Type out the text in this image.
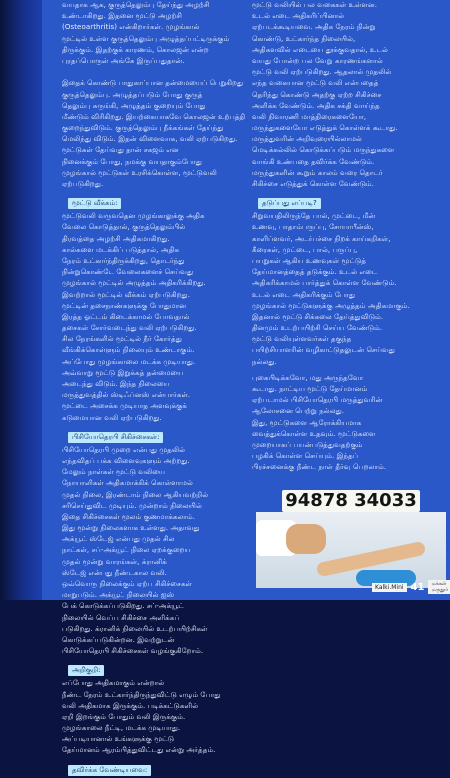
வயதாக ஆக, குருத்தெலும்பு தேய்ந்து அழற்சி
உண்டாகிறது. இதனை மூட்டு அழற்சி
(Osteoarthritis) என்கிறார்கள். முழங்கால்
மூட்டில் உள்ள குருத்தெலும்பு அழுத்தப்பட்டிருக்கும்
திருக்கும். இதற்குக் காரணம், கொலஜன் என்ற
புரதப்பொருள் அங்கே இருப்பதுதான்.
இதைக் கொண்டு பாதுகாப்பான தன்மையைப் பெறுகிறது
குருத்தெலும்பு. அழுத்தப்படும் போது குருத்
தெலும்பு சுருங்கி, அழுத்தம் குறையும் போது
மீண்டும் விரிகிறது. இயற்கையாகவே கொலஜன் உற்பத்தி
குறைந்துவிடும். குருத்தெலும்பு நீக்கங்கள் தேய்ந்து
மெலிந்து விடும். இதன் விளைவாக, வலி ஏற்படுகிறது.
மூட்டுகள் தேய்வது தான் சகஜம் என
நினைக்கும் போது, நமக்கு வயதாகும்போது
முழங்கால் மூட்டுகள் உரசிக்கொள்ள, மூட்டுவலி
ஏற்படுகிறது.
மூட்டு வீக்கம்:
மூட்டுவலி வருவதென முழங்காலுக்கு அதிக
வேலை கொடுத்தால், குருத்தெலும்பில்
திரவத்தை அழற்சி அதிகமாகிறது.
கால்களை மடக்கிப் படுத்தால், அதிக
நேரம் உட்கார்ந்திருக்கிறது, தொடர்ந்து
நின்றுகொண்டே வேலைகளைச் செய்வது
முழங்கால் மூட்டில் அழுத்தம் அதிகரிக்கிறது.
இவற்றால் மூட்டில் வீக்கம் ஏற்படுகிறது.
மூட்டின் தசைநாண்களுக்கு போதுமான
இரத்த ஓட்டம் கிடைக்காமல் போவதால்
தசைகள் சோர்வடைந்து வலி ஏற்படுகிறது.
சில நேரங்களில் மூட்டில் நீர் கோர்த்து
வீங்கிக்கொள்ளும் நிலையும் உண்டாகும்.
அப்போது முழங்காலை மடக்க முடியாது.
அவ்வாறு மூட்டு இறுக்கத் தன்மையை
அடைந்து விடும். இந்த நிலையை
மருத்துவத்தில் ஸ்டிஃப்னஸ் என்பார்கள்.
மூட்டை அசைக்க முடியாத அளவுக்குக்
கடுமையான வலி ஏற்படுகிறது.
பிசியோதெரபி சிகிச்சைகள்:
பிசியோதெரபி முறை என்பது முதலில்
எந்தவிதப் பக்க விளைவுகளும் அற்றது.
மேலும் நாள்கள் மூட்டு வலியை
நோயாளிகள் அதிகமாக்கிக் கொள்ளாமல்
முதல் நிலை, இரண்டாம் நிலை ஆகியவற்றில்
சரிசெய்துவிட முடியும். முன்றாம் நிலையில்
இதை சிகிச்சைகள் மூலம் குணமாக்கலாம்.
இது மூன்று நிலைகளாக உள்ளது. அதாவது
அக்யூட் ஸ்டேஜ் என்பது முதல் சில
நாட்கள், சப்-அக்யூட் நிலை ஏறக்குறைய
முதல் மூன்று வாரங்கள், க்ரானிக்
ஸ்டேஜ் என்பது நீண்டகால வலி.
ஒவ்வொரு நிலைக்கும் ஏற்ப சிகிச்சைகள்
மாறுபடும். அக்யூட் நிலையில் ஐஸ்
பேக் கொடுக்கப்படுகிறது. சப்-அக்யூட்
நிலையில் வெப்ப சிகிச்சை அளிக்கப்
படுகிறது. க்ரானிக் நிலையில் உடற்பயிற்சிகள்
கொடுக்கப்படுகின்றன. இவற்றுடன்
பிசியோதெரபி சிகிச்சைகள் வழங்குகிறோம்.
அறிகுறி:
எப்போது அதிகமாகும் என்றால்
நீண்ட நேரம் உட்கார்ந்திருந்துவிட்டு எழும் போது
வலி அதிகமாக இருக்கும். படிக்கட்டுகளில்
ஏறி இறங்கும் போதும் வலி இருக்கும்.
முழங்காலை நீட்டி, மடக்க முடியாது.
அப்படியானால் உங்களுக்கு மூட்டு
தேய்மானம் ஆரம்பித்துவிட்டது என்று அர்த்தம்.
தவிர்க்க வேண்டியவை:
மூட்டு வலியில் பல வகைகள் உள்ளன.
உடல் எடை அதிகரிப்பினால்
ஏற்படக்கூடியவை. அதிக நேரம் நின்று
கொண்டு, உட்கார்ந்த நிலையில்,
அதிகளவில் எடையை தூக்குவதால், உடல்
வயது போன்ற பல வேறு காரணங்களால்
மூட்டு வலி ஏற்படுகிறது. ஆதலால் முதலில்
எந்த வகையான மூட்டு வலி என்பதைத்
தெரிந்து கொண்டு அதற்கு ஏற்ற சிகிச்சை
அளிக்க வேண்டும். அதிக சக்தி வாய்ந்த
வலி நிவாரணி மாத்திரைகளையோ,
மருந்துகளையோ எடுத்துக் கொள்ளக் கூடாது.
மருத்துவரின் அறிவுரையில்லாமல்
மெடிக்கல்லில் கொடுக்கப்படும் மருந்துகளை
வாங்கி உண்பதை தவிர்க்க வேண்டும்.
மருந்துகளின் கூறும் காலம் வரை தொடர்
சிகிச்சை எடுத்துக் கொள்ள வேண்டும்.
தடுப்பது எப்படி?
சிறுவயதிலிருந்தே பால், முட்டை, மீன்
உணவு, பாதாம்பருப்பு, சோயாபீன்ஸ்,
காளிப்ளவர், அடர்பச்சை நிறக் காய்கறிகள்,
கீரைகள், முட்டை, பால், பருப்பு,
பயறுகள் ஆகிய உணவுகள் மூட்டுத்
தேய்மானத்தைத் தடுக்கும். உடல் எடை
அதிகரிக்காமல் பார்த்துக் கொள்ள வேண்டும்.
உடல் எடை அதிகரிக்கும் போது
முழங்கால் மூட்டுகளுக்கு அழுத்தம் அதிகமாகும்.
இதனால் மூட்டு சிக்கலை தேய்த்துவிடும்.
தினமும் உடற்பயிற்சி செய்ய வேண்டும்.
மூட்டு வலியுள்ளவர்கள் தகுந்த
பயிற்சியாளரின் வழிகாட்டுதலுடன் செய்வது
நல்லது.
புகைபிடிக்கவோ, மது அருந்தவோ
கூடாது. நாட்டிய மூட்டு தேய்மானம்
ஏற்படாமல் பிசியோதெரபி மருத்துவரின்
ஆலோசனை பெற்று நல்லது.
இது, மூட்டுகளை ஆரோக்கியமாக
வைத்துக்கொள்ள உதவும். மூட்டுகளை
முறையாகப் பயன்படுத்துவதற்கும்
பழகிக் கொள்ள செய்யும். இந்தப்
பிரச்சனைக்கு நீண்ட நாள் தீர்வு பெறலாம்.
94878 34033
Kalki.Mini 41	மக்கள் மருதூர்
